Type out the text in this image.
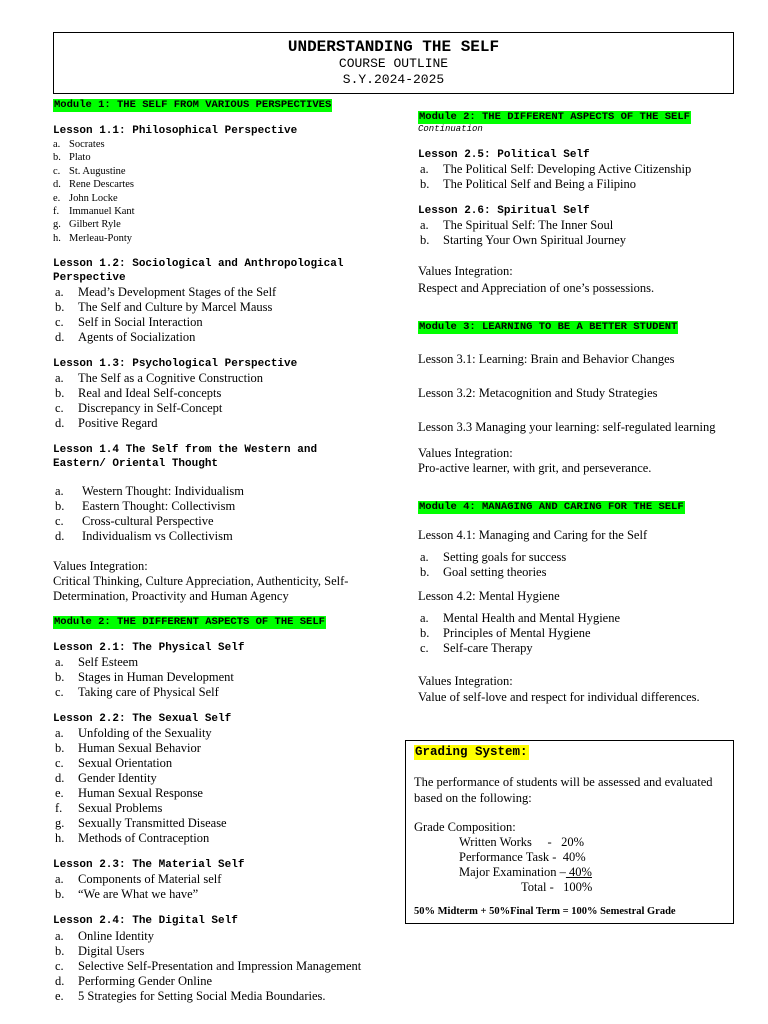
UNDERSTANDING THE SELF
COURSE OUTLINE
S.Y.2024-2025
Module 1: THE SELF FROM VARIOUS PERSPECTIVES
Lesson 1.1: Philosophical Perspective
a. Socrates
b. Plato
c. St. Augustine
d. Rene Descartes
e. John Locke
f. Immanuel Kant
g. Gilbert Ryle
h. Merleau-Ponty
Lesson 1.2: Sociological and Anthropological
Perspective
a. Mead’s Development Stages of the Self
b. The Self and Culture by Marcel Mauss
c. Self in Social Interaction
d. Agents of Socialization
Lesson 1.3: Psychological Perspective
a. The Self as a Cognitive Construction
b. Real and Ideal Self-concepts
c. Discrepancy in Self-Concept
d. Positive Regard
Lesson 1.4 The Self from the Western and
Eastern/ Oriental Thought
a. Western Thought: Individualism
b. Eastern Thought: Collectivism
c. Cross-cultural Perspective
d. Individualism vs Collectivism
Values Integration:
Critical Thinking, Culture Appreciation, Authenticity, Self-
Determination, Proactivity and Human Agency
Module 2: THE DIFFERENT ASPECTS OF THE SELF
Lesson 2.1: The Physical Self
a. Self Esteem
b. Stages in Human Development
c. Taking care of Physical Self
Lesson 2.2: The Sexual Self
a. Unfolding of the Sexuality
b. Human Sexual Behavior
c. Sexual Orientation
d. Gender Identity
e. Human Sexual Response
f. Sexual Problems
g. Sexually Transmitted Disease
h. Methods of Contraception
Lesson 2.3: The Material Self
a. Components of Material self
b. “We are What we have”
Lesson 2.4: The Digital Self
a. Online Identity
b. Digital Users
c. Selective Self-Presentation and Impression Management
d. Performing Gender Online
e. 5 Strategies for Setting Social Media Boundaries.
Module 2: THE DIFFERENT ASPECTS OF THE SELF
Continuation
Lesson 2.5: Political Self
a. The Political Self: Developing Active Citizenship
b. The Political Self and Being a Filipino
Lesson 2.6: Spiritual Self
a. The Spiritual Self: The Inner Soul
b. Starting Your Own Spiritual Journey
Values Integration:
Respect and Appreciation of one’s possessions.
Module 3: LEARNING TO BE A BETTER STUDENT
Lesson 3.1: Learning: Brain and Behavior Changes
Lesson 3.2: Metacognition and Study Strategies
Lesson 3.3 Managing your learning: self-regulated learning
Values Integration:
Pro-active learner, with grit, and perseverance.
Module 4: MANAGING AND CARING FOR THE SELF
Lesson 4.1: Managing and Caring for the Self
a. Setting goals for success
b. Goal setting theories
Lesson 4.2: Mental Hygiene
a. Mental Health and Mental Hygiene
b. Principles of Mental Hygiene
c. Self-care Therapy
Values Integration:
Value of self-love and respect for individual differences.
Grading System:
The performance of students will be assessed and evaluated
based on the following:
Grade Composition:
Written Works     -   20%
Performance Task -  40%
Major Examination – 40%
Total -   100%
50% Midterm + 50%Final Term = 100% Semestral Grade
